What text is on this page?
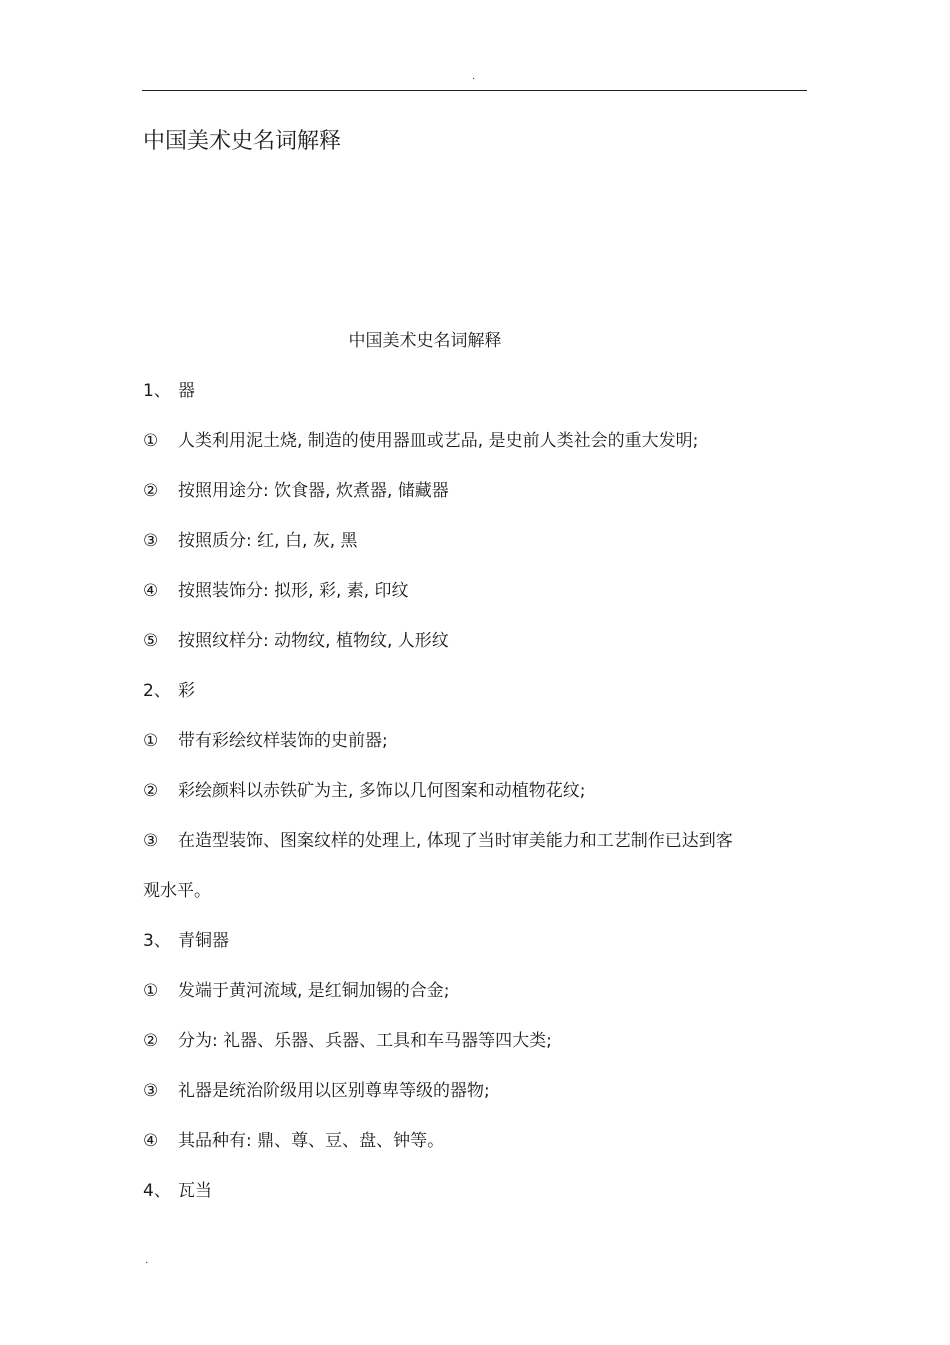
.
中国美术史名词解释
中国美术史名词解释
1、 器
① 人类利用泥土烧, 制造的使用器皿或艺品, 是史前人类社会的重大发明;
② 按照用途分: 饮食器, 炊煮器, 储藏器
③ 按照质分: 红, 白, 灰, 黑
④ 按照装饰分: 拟形, 彩, 素, 印纹
⑤ 按照纹样分: 动物纹, 植物纹, 人形纹
2、 彩
① 带有彩绘纹样装饰的史前器;
② 彩绘颜料以赤铁矿为主, 多饰以几何图案和动植物花纹;
③ 在造型装饰、图案纹样的处理上, 体现了当时审美能力和工艺制作已达到客
观水平。
3、 青铜器
① 发端于黄河流域, 是红铜加锡的合金;
② 分为: 礼器、乐器、兵器、工具和车马器等四大类;
③ 礼器是统治阶级用以区别尊卑等级的器物;
④ 其品种有: 鼎、尊、豆、盘、钟等。
4、 瓦当
.
